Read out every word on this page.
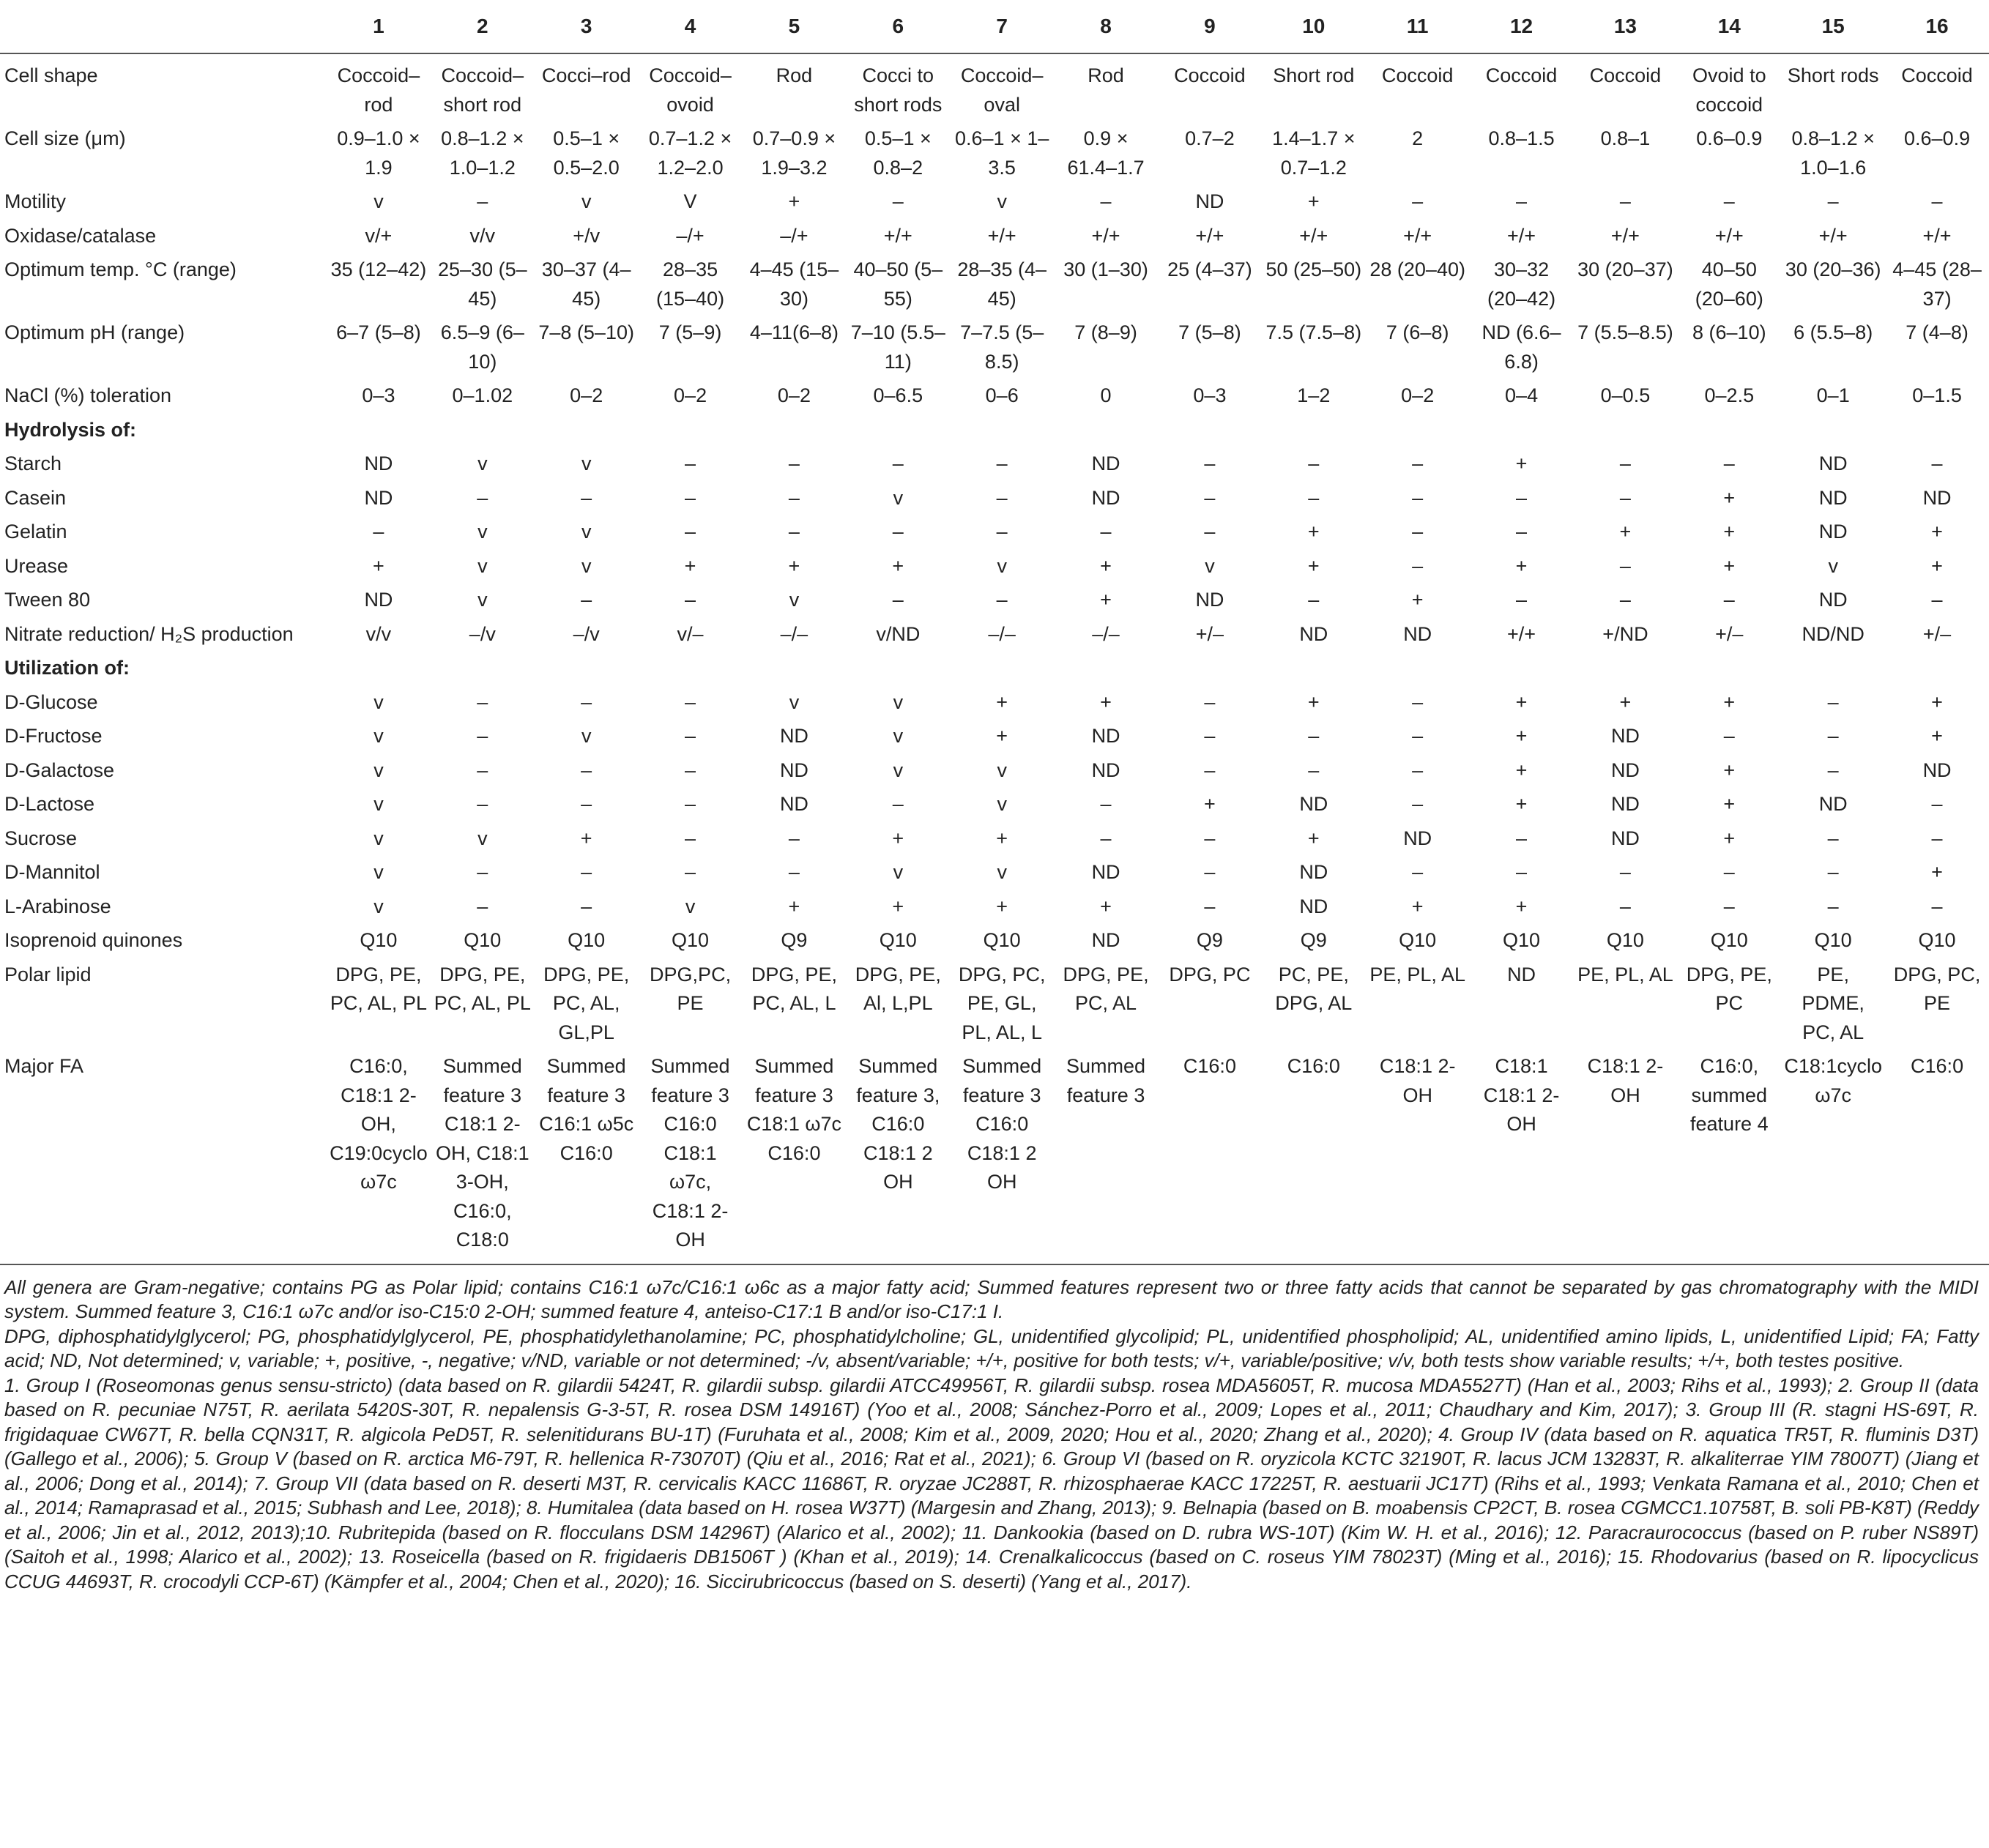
	1	2	3	4	5	6	7	8	9	10	11	12	13	14	15	16
Cell shape	Coccoid–rod	Coccoid–short rod	Cocci–rod	Coccoid–ovoid	Rod	Cocci to short rods	Coccoid–oval	Rod	Coccoid	Short rod	Coccoid	Coccoid	Coccoid	Ovoid to coccoid	Short rods	Coccoid
Cell size (μm)	0.9–1.0 × 1.9	0.8–1.2 × 1.0–1.2	0.5–1 × 0.5–2.0	0.7–1.2 × 1.2–2.0	0.7–0.9 × 1.9–3.2	0.5–1 × 0.8–2	0.6–1 × 1–3.5	0.9 × 61.4–1.7	0.7–2	1.4–1.7 × 0.7–1.2	2	0.8–1.5	0.8–1	0.6–0.9	0.8–1.2 × 1.0–1.6	0.6–0.9
Motility	v	–	v	V	+	–	v	–	ND	+	–	–	–	–	–	–
Oxidase/catalase	v/+	v/v	+/v	–/+	–/+	+/+	+/+	+/+	+/+	+/+	+/+	+/+	+/+	+/+	+/+	+/+
Optimum temp. °C (range)	35 (12–42)	25–30 (5–45)	30–37 (4–45)	28–35 (15–40)	4–45 (15–30)	40–50 (5–55)	28–35 (4–45)	30 (1–30)	25 (4–37)	50 (25–50)	28 (20–40)	30–32 (20–42)	30 (20–37)	40–50 (20–60)	30 (20–36)	4–45 (28–37)
Optimum pH (range)	6–7 (5–8)	6.5–9 (6–10)	7–8 (5–10)	7 (5–9)	4–11(6–8)	7–10 (5.5–11)	7–7.5 (5–8.5)	7 (8–9)	7 (5–8)	7.5 (7.5–8)	7 (6–8)	ND (6.6–6.8)	7 (5.5–8.5)	8 (6–10)	6 (5.5–8)	7 (4–8)
NaCl (%) toleration	0–3	0–1.02	0–2	0–2	0–2	0–6.5	0–6	0	0–3	1–2	0–2	0–4	0–0.5	0–2.5	0–1	0–1.5
Hydrolysis of:																
Starch	ND	v	v	–	–	–	–	ND	–	–	–	+	–	–	ND	–
Casein	ND	–	–	–	–	v	–	ND	–	–	–	–	–	+	ND	ND
Gelatin	–	v	v	–	–	–	–	–	–	+	–	–	+	+	ND	+
Urease	+	v	v	+	+	+	v	+	v	+	–	+	–	+	v	+
Tween 80	ND	v	–	–	v	–	–	+	ND	–	+	–	–	–	ND	–
Nitrate reduction/ H₂S production	v/v	–/v	–/v	v/–	–/–	v/ND	–/–	–/–	+/–	ND	ND	+/+	+/ND	+/–	ND/ND	+/–
Utilization of:																
D-Glucose	v	–	–	–	v	v	+	+	–	+	–	+	+	+	–	+
D-Fructose	v	–	v	–	ND	v	+	ND	–	–	–	+	ND	–	–	+
D-Galactose	v	–	–	–	ND	v	v	ND	–	–	–	+	ND	+	–	ND
D-Lactose	v	–	–	–	ND	–	v	–	+	ND	–	+	ND	+	ND	–
Sucrose	v	v	+	–	–	+	+	–	–	+	ND	–	ND	+	–	–
D-Mannitol	v	–	–	–	–	v	v	ND	–	ND	–	–	–	–	–	+
L-Arabinose	v	–	–	v	+	+	+	+	–	ND	+	+	–	–	–	–
Isoprenoid quinones	Q10	Q10	Q10	Q10	Q9	Q10	Q10	ND	Q9	Q9	Q10	Q10	Q10	Q10	Q10	Q10
Polar lipid	DPG, PE, PC, AL, PL	DPG, PE, PC, AL, PL	DPG, PE, PC, AL, GL,PL	DPG,PC, PE	DPG, PE, PC, AL, L	DPG, PE, Al, L,PL	DPG, PC, PE, GL, PL, AL, L	DPG, PE, PC, AL	DPG, PC	PC, PE, DPG, AL	PE, PL, AL	ND	PE, PL, AL	DPG, PE, PC	PE, PDME, PC, AL	DPG, PC, PE
Major FA	C16:0, C18:1 2-OH, C19:0cyclo ω7c	Summed feature 3 C18:1 2-OH, C18:1 3-OH, C16:0, C18:0	Summed feature 3 C16:1 ω5c C16:0	Summed feature 3 C16:0 C18:1 ω7c, C18:1 2-OH	Summed feature 3 C18:1 ω7c C16:0	Summed feature 3, C16:0 C18:1 2 OH	Summed feature 3 C16:0 C18:1 2 OH	Summed feature 3	C16:0	C16:0	C18:1 2-OH	C18:1 C18:1 2-OH	C18:1 2-OH	C16:0, summed feature 4	C18:1cyclo ω7c	C16:0

All genera are Gram-negative; contains PG as Polar lipid; contains C16:1 ω7c/C16:1 ω6c as a major fatty acid; Summed features represent two or three fatty acids that cannot be separated by gas chromatography with the MIDI system. Summed feature 3, C16:1 ω7c and/or iso-C15:0 2-OH; summed feature 4, anteiso-C17:1 B and/or iso-C17:1 I.

DPG, diphosphatidylglycerol; PG, phosphatidylglycerol, PE, phosphatidylethanolamine; PC, phosphatidylcholine; GL, unidentified glycolipid; PL, unidentified phospholipid; AL, unidentified amino lipids, L, unidentified Lipid; FA; Fatty acid; ND, Not determined; v, variable; +, positive, -, negative; v/ND, variable or not determined; -/v, absent/variable; +/+, positive for both tests; v/+, variable/positive; v/v, both tests show variable results; +/+, both testes positive.

1. Group I (Roseomonas genus sensu-stricto) (data based on R. gilardii 5424T, R. gilardii subsp. gilardii ATCC49956T, R. gilardii subsp. rosea MDA5605T, R. mucosa MDA5527T) (Han et al., 2003; Rihs et al., 1993); 2. Group II (data based on R. pecuniae N75T, R. aerilata 5420S-30T, R. nepalensis G-3-5T, R. rosea DSM 14916T) (Yoo et al., 2008; Sánchez-Porro et al., 2009; Lopes et al., 2011; Chaudhary and Kim, 2017); 3. Group III (R. stagni HS-69T, R. frigidaquae CW67T, R. bella CQN31T, R. algicola PeD5T, R. selenitidurans BU-1T) (Furuhata et al., 2008; Kim et al., 2009, 2020; Hou et al., 2020; Zhang et al., 2020); 4. Group IV (data based on R. aquatica TR5T, R. fluminis D3T) (Gallego et al., 2006); 5. Group V (based on R. arctica M6-79T, R. hellenica R-73070T) (Qiu et al., 2016; Rat et al., 2021); 6. Group VI (based on R. oryzicola KCTC 32190T, R. lacus JCM 13283T, R. alkaliterrae YIM 78007T) (Jiang et al., 2006; Dong et al., 2014); 7. Group VII (data based on R. deserti M3T, R. cervicalis KACC 11686T, R. oryzae JC288T, R. rhizosphaerae KACC 17225T, R. aestuarii JC17T) (Rihs et al., 1993; Venkata Ramana et al., 2010; Chen et al., 2014; Ramaprasad et al., 2015; Subhash and Lee, 2018); 8. Humitalea (data based on H. rosea W37T) (Margesin and Zhang, 2013); 9. Belnapia (based on B. moabensis CP2CT, B. rosea CGMCC1.10758T, B. soli PB-K8T) (Reddy et al., 2006; Jin et al., 2012, 2013);10. Rubritepida (based on R. flocculans DSM 14296T) (Alarico et al., 2002); 11. Dankookia (based on D. rubra WS-10T) (Kim W. H. et al., 2016); 12. Paracraurococcus (based on P. ruber NS89T) (Saitoh et al., 1998; Alarico et al., 2002); 13. Roseicella (based on R. frigidaeris DB1506T ) (Khan et al., 2019); 14. Crenalkalicoccus (based on C. roseus YIM 78023T) (Ming et al., 2016); 15. Rhodovarius (based on R. lipocyclicus CCUG 44693T, R. crocodyli CCP-6T) (Kämpfer et al., 2004; Chen et al., 2020); 16. Siccirubricoccus (based on S. deserti) (Yang et al., 2017).
